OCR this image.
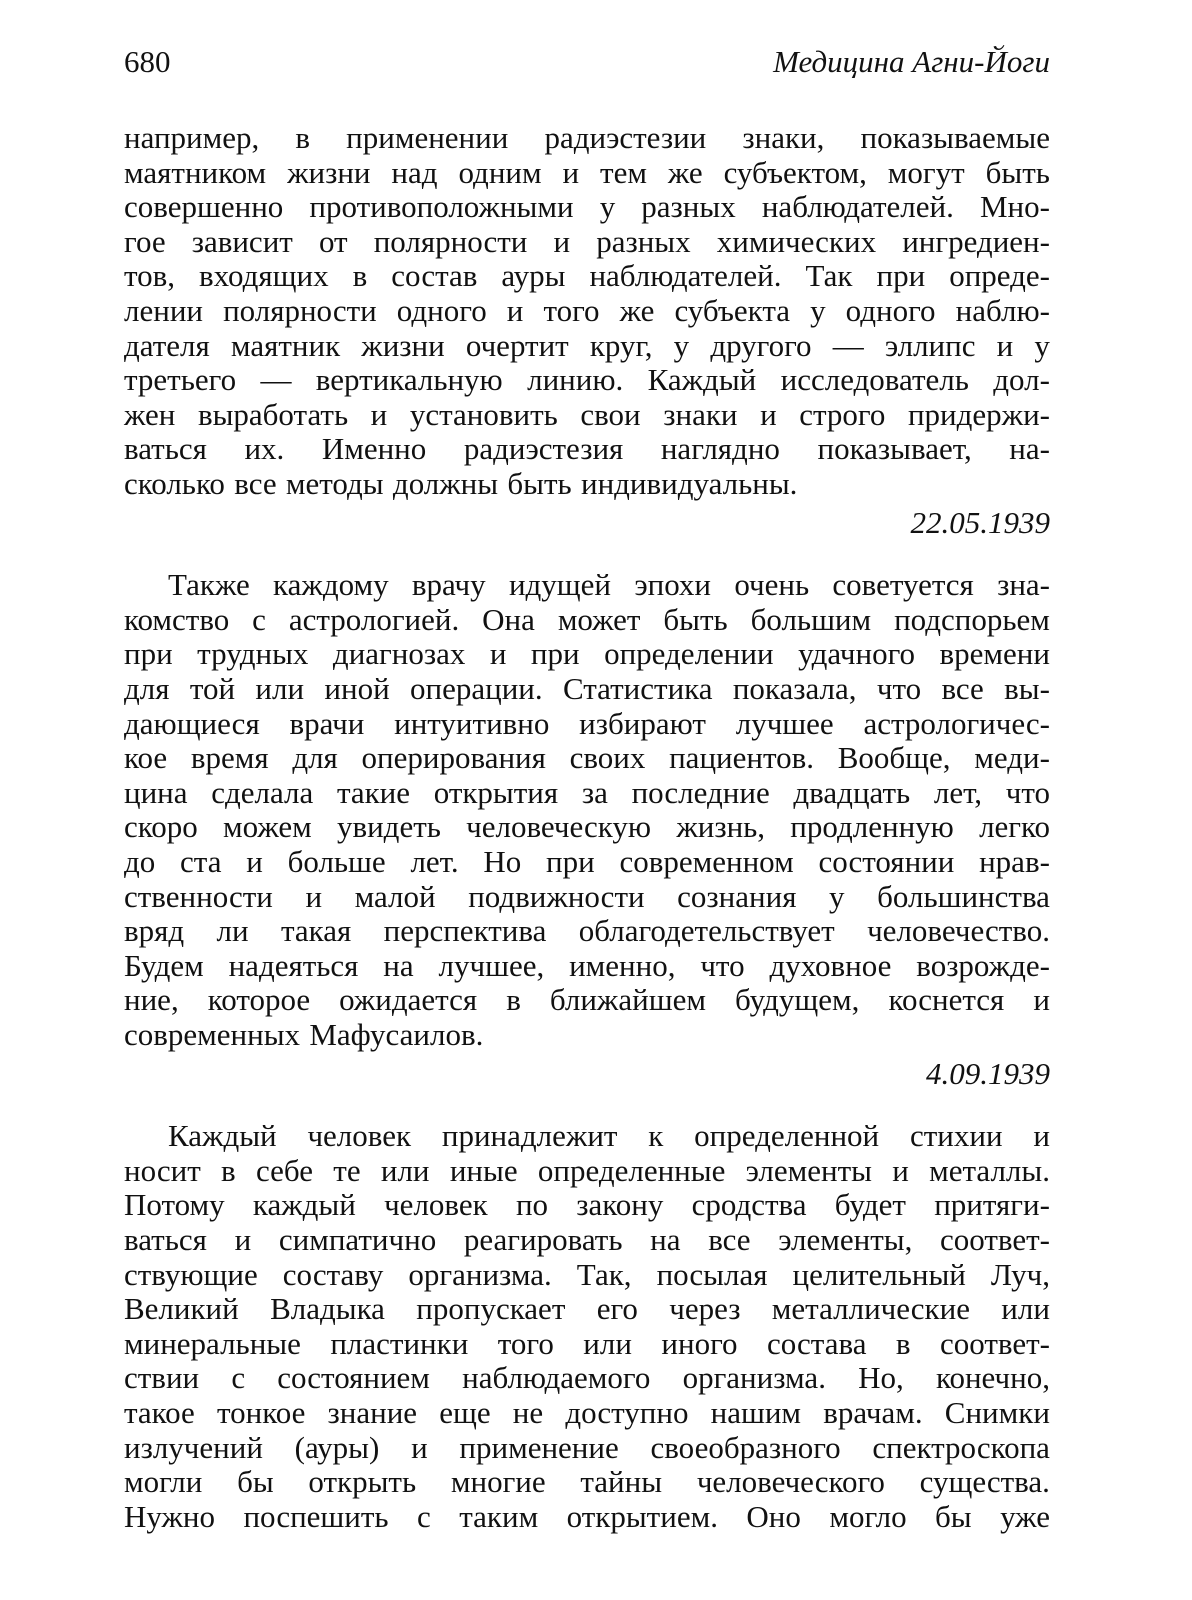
680	Медицина Агни-Йоги
например, в применении радиэстезии знаки, показываемые
маятником жизни над одним и тем же субъектом, могут быть
совершенно противоположными у разных наблюдателей. Мно-
гое зависит от полярности и разных химических ингредиен-
тов, входящих в состав ауры наблюдателей. Так при опреде-
лении полярности одного и того же субъекта у одного наблю-
дателя маятник жизни очертит круг, у другого — эллипс и у
третьего — вертикальную линию. Каждый исследователь дол-
жен выработать и установить свои знаки и строго придержи-
ваться их. Именно радиэстезия наглядно показывает, на-
сколько все методы должны быть индивидуальны.
22.05.1939
Также каждому врачу идущей эпохи очень советуется зна-
комство с астрологией. Она может быть большим подспорьем
при трудных диагнозах и при определении удачного времени
для той или иной операции. Статистика показала, что все вы-
дающиеся врачи интуитивно избирают лучшее астрологичес-
кое время для оперирования своих пациентов. Вообще, меди-
цина сделала такие открытия за последние двадцать лет, что
скоро можем увидеть человеческую жизнь, продленную легко
до ста и больше лет. Но при современном состоянии нрав-
ственности и малой подвижности сознания у большинства
вряд ли такая перспектива облагодетельствует человечество.
Будем надеяться на лучшее, именно, что духовное возрожде-
ние, которое ожидается в ближайшем будущем, коснется и
современных Мафусаилов.
4.09.1939
Каждый человек принадлежит к определенной стихии и
носит в себе те или иные определенные элементы и металлы.
Потому каждый человек по закону сродства будет притяги-
ваться и симпатично реагировать на все элементы, соответ-
ствующие составу организма. Так, посылая целительный Луч,
Великий Владыка пропускает его через металлические или
минеральные пластинки того или иного состава в соответ-
ствии с состоянием наблюдаемого организма. Но, конечно,
такое тонкое знание еще не доступно нашим врачам. Снимки
излучений (ауры) и применение своеобразного спектроскопа
могли бы открыть многие тайны человеческого существа.
Нужно поспешить с таким открытием. Оно могло бы уже
